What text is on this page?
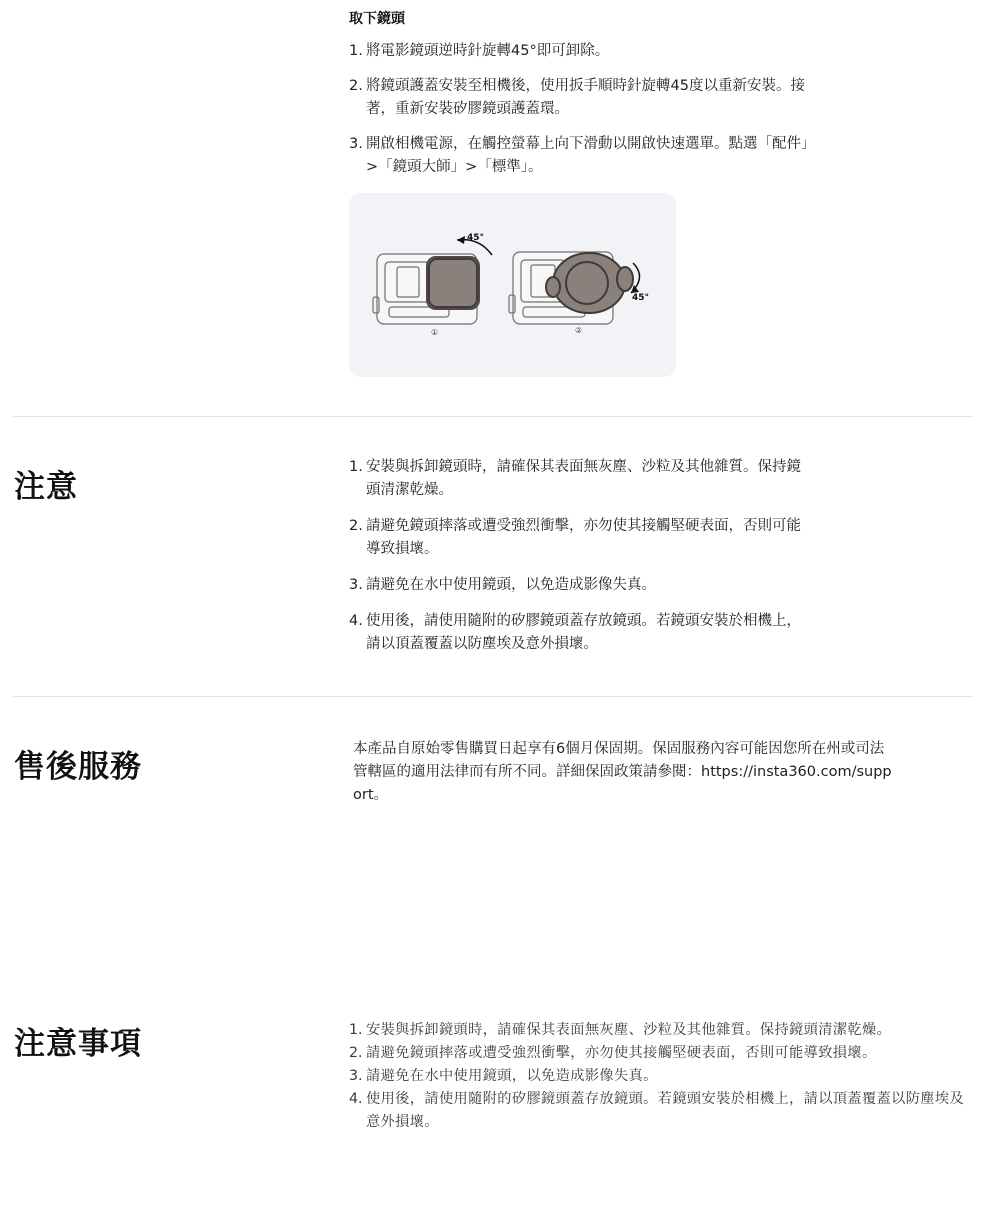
取下鏡頭
1. 將電影鏡頭逆時針旋轉45°即可卸除。
2. 將鏡頭護蓋安裝至相機後，使用扳手順時針旋轉45度以重新安裝。接著，重新安裝矽膠鏡頭護蓋環。
3. 開啟相機電源，在觸控螢幕上向下滑動以開啟快速選單。點選「配件」>「鏡頭大師」>「標準」。
45°
①
45°
②
注意
1. 安裝與拆卸鏡頭時，請確保其表面無灰塵、沙粒及其他雜質。保持鏡頭清潔乾燥。
2. 請避免鏡頭摔落或遭受強烈衝擊，亦勿使其接觸堅硬表面，否則可能導致損壞。
3. 請避免在水中使用鏡頭，以免造成影像失真。
4. 使用後，請使用隨附的矽膠鏡頭蓋存放鏡頭。若鏡頭安裝於相機上，請以頂蓋覆蓋以防塵埃及意外損壞。
售後服務	本產品自原始零售購買日起享有6個月保固期。保固服務內容可能因您所在州或司法管轄區的適用法律而有所不同。詳細保固政策請參閱：https://insta360.com/support。
注意事項	1. 安裝與拆卸鏡頭時，請確保其表面無灰塵、沙粒及其他雜質。保持鏡頭清潔乾燥。
2. 請避免鏡頭摔落或遭受強烈衝擊，亦勿使其接觸堅硬表面，否則可能導致損壞。
3. 請避免在水中使用鏡頭，以免造成影像失真。
4. 使用後，請使用隨附的矽膠鏡頭蓋存放鏡頭。若鏡頭安裝於相機上，請以頂蓋覆蓋以防塵埃及意外損壞。
